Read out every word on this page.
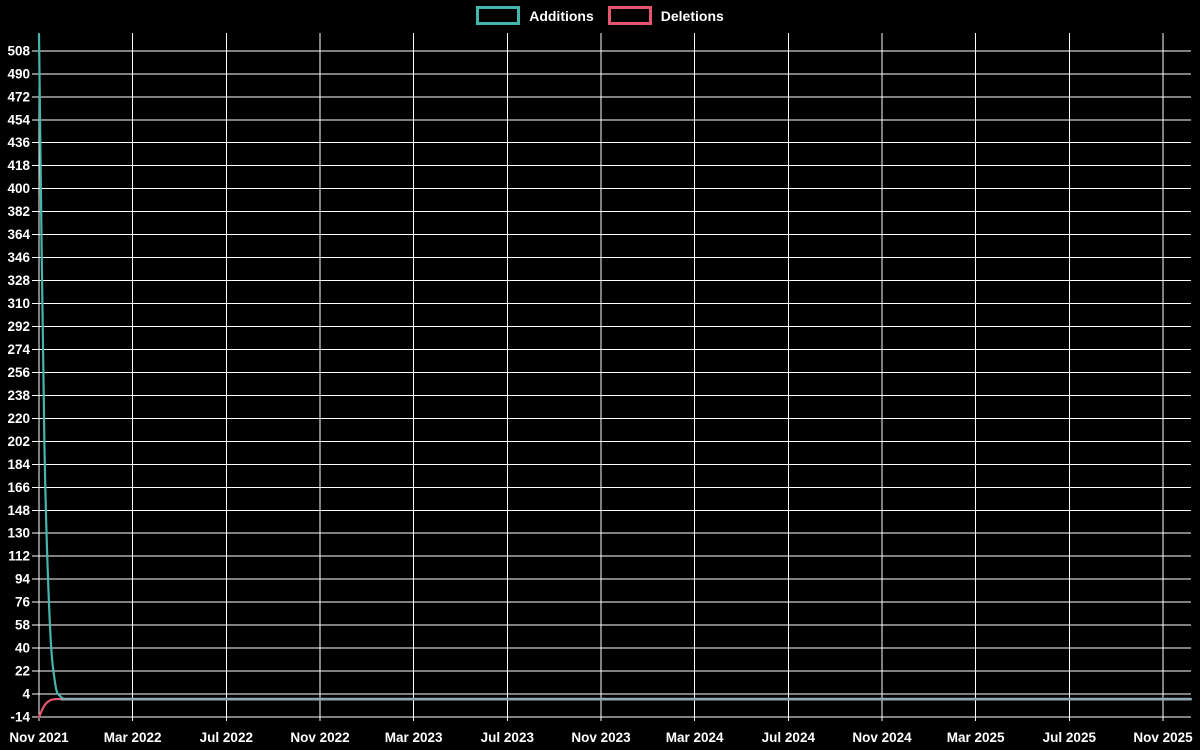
Additions	Deletions
508
490
472
454
436
418
400
382
364
346
328
310
292
274
256
238
220
202
184
166
148
130
112
94
76
58
40
22
4
-14
Nov 2021	Mar 2022	Jul 2022	Nov 2022	Mar 2023	Jul 2023	Nov 2023	Mar 2024	Jul 2024	Nov 2024	Mar 2025	Jul 2025	Nov 2025
